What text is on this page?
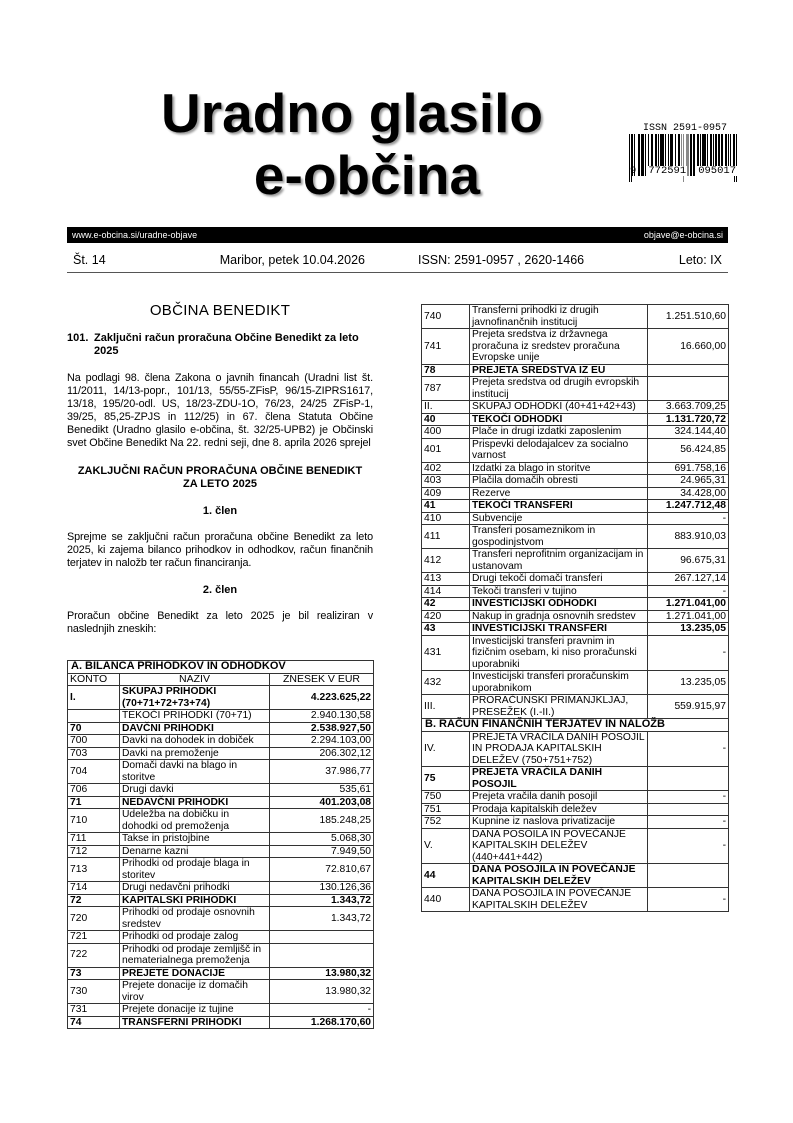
Uradno glasilo
e-občina
ISSN 2591-0957
9 772591 095017
www.e-obcina.si/uradne-objave	objave@e-obcina.si
Št. 14	Maribor, petek 10.04.2026	ISSN: 2591-0957 , 2620-1466	Leto: IX
OBČINA BENEDIKT
101. Zaključni račun proračuna Občine Benedikt za leto 2025

Na podlagi 98. člena Zakona o javnih financah (Uradni list št. 11/2011, 14/13-popr., 101/13, 55/55-ZFisP, 96/15-ZIPRS1617, 13/18, 195/20-odl. US, 18/23-ZDU-1O, 76/23, 24/25 ZFisP-1, 39/25, 85,25-ZPJS in 112/25) in 67. člena Statuta Občine Benedikt (Uradno glasilo e-občina, št. 32/25-UPB2) je Občinski svet Občine Benedikt Na 22. redni seji, dne 8. aprila 2026 sprejel

ZAKLJUČNI RAČUN PRORAČUNA OBČINE BENEDIKT ZA LETO 2025
1. člen

Sprejme se zaključni račun proračuna občine Benedikt za leto 2025, ki zajema bilanco prihodkov in odhodkov, račun finančnih terjatev in naložb ter račun financiranja.

2. člen

Proračun občine Benedikt za leto 2025 je bil realiziran v naslednjih zneskih:

A. BILANCA PRIHODKOV IN ODHODKOV		
KONTO	NAZIV	ZNESEK V EUR
I.	SKUPAJ PRIHODKI (70+71+72+73+74)	4.223.625,22
	TEKOČI PRIHODKI (70+71)	2.940.130,58
70	DAVČNI PRIHODKI	2.538.927,50
700	Davki na dohodek in dobiček	2.294.103,00
703	Davki na premoženje	206.302,12
704	Domači davki na blago in storitve	37.986,77
706	Drugi davki	535,61
71	NEDAVČNI PRIHODKI	401.203,08
710	Udeležba na dobičku in dohodki od premoženja	185.248,25
711	Takse in pristojbine	5.068,30
712	Denarne kazni	7.949,50
713	Prihodki od prodaje blaga in storitev	72.810,67
714	Drugi nedavčni prihodki	130.126,36
72	KAPITALSKI PRIHODKI	1.343,72
720	Prihodki od prodaje osnovnih sredstev	1.343,72
721	Prihodki od prodaje zalog	
722	Prihodki od prodaje zemljišč in nematerialnega premoženja	
73	PREJETE DONACIJE	13.980,32
730	Prejete donacije iz domačih virov	13.980,32
731	Prejete donacije iz tujine	-
74	TRANSFERNI PRIHODKI	1.268.170,60
740	Transferni prihodki iz drugih javnofinančnih institucij	1.251.510,60
741	Prejeta sredstva iz državnega proračuna iz sredstev proračuna Evropske unije	16.660,00
78	PREJETA SREDSTVA IZ EU	
787	Prejeta sredstva od drugih evropskih institucij	
II.	SKUPAJ ODHODKI (40+41+42+43)	3.663.709,25
40	TEKOČI ODHODKI	1.131.720,72
400	Plače in drugi izdatki zaposlenim	324.144,40
401	Prispevki delodajalcev za socialno varnost	56.424,85
402	Izdatki za blago in storitve	691.758,16
403	Plačila domačih obresti	24.965,31
409	Rezerve	34.428,00
41	TEKOČI TRANSFERI	1.247.712,48
410	Subvencije	-
411	Transferi posameznikom in gospodinjstvom	883.910,03
412	Transferi neprofitnim organizacijam in ustanovam	96.675,31
413	Drugi tekoči domači transferi	267.127,14
414	Tekoči transferi v tujino	-
42	INVESTICIJSKI ODHODKI	1.271.041,00
420	Nakup in gradnja osnovnih sredstev	1.271.041,00
43	INVESTICIJSKI TRANSFERI	13.235,05
431	Investicijski transferi pravnim in fizičnim osebam, ki niso proračunski uporabniki	-
432	Investicijski transferi proračunskim uporabnikom	13.235,05
III.	PRORAČUNSKI PRIMANJKLJAJ, PRESEŽEK (I.-II.)	559.915,97
B. RAČUN FINANČNIH TERJATEV IN NALOŽB		
IV.	PREJETA VRAČILA DANIH POSOJIL IN PRODAJA KAPITALSKIH DELEŽEV (750+751+752)	-
75	PREJETA VRAČILA DANIH POSOJIL	
750	Prejeta vračila danih posojil	-
751	Prodaja kapitalskih deležev	
752	Kupnine iz naslova privatizacije	-
V.	DANA POSOILA IN POVEČANJE KAPITALSKIH DELEŽEV (440+441+442)	-
44	DANA POSOJILA IN POVEČANJE KAPITALSKIH DELEŽEV	
440	DANA POSOJILA IN POVEČANJE KAPITALSKIH DELEŽEV	-
